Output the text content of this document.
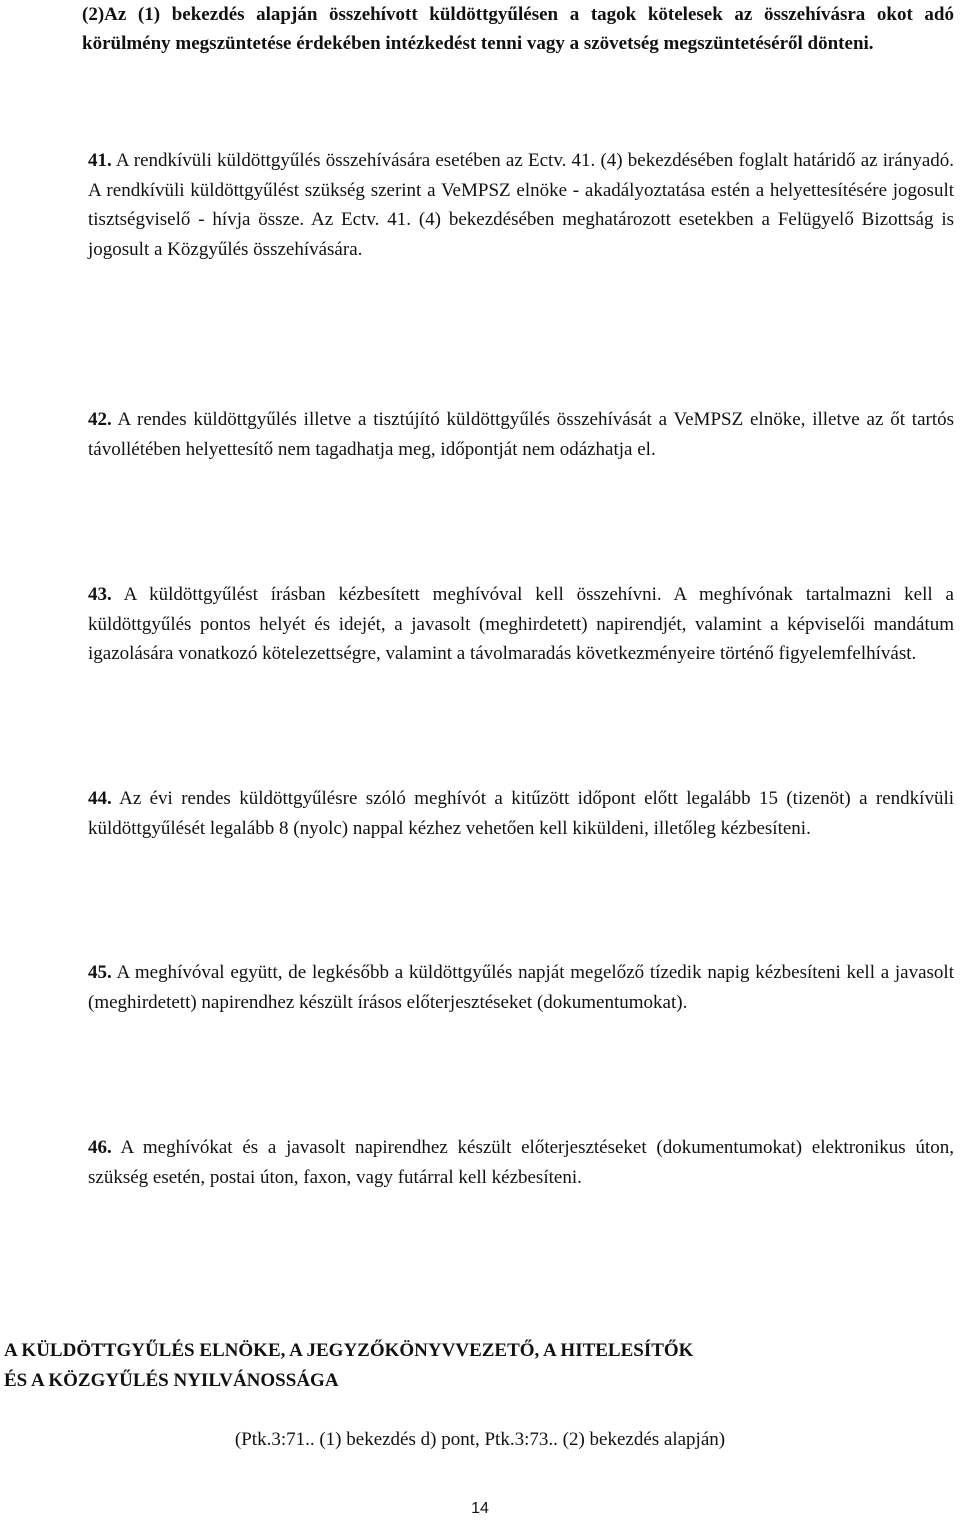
(2)Az (1) bekezdés alapján összehívott küldöttgyűlésen a tagok kötelesek az összehívásra okot adó körülmény megszüntetése érdekében intézkedést tenni vagy a szövetség megszüntetéséről dönteni.

41. A rendkívüli küldöttgyűlés összehívására esetében az Ectv. 41. (4) bekezdésében foglalt határidő az irányadó. A rendkívüli küldöttgyűlést szükség szerint a VeMPSZ elnöke - akadályoztatása estén a helyettesítésére jogosult tisztségviselő - hívja össze. Az Ectv. 41. (4) bekezdésében meghatározott esetekben a Felügyelő Bizottság is jogosult a Közgyűlés összehívására.
42. A rendes küldöttgyűlés illetve a tisztújító küldöttgyűlés összehívását a VeMPSZ elnöke, illetve az őt tartós távollétében helyettesítő nem tagadhatja meg, időpontját nem odázhatja el.
43. A küldöttgyűlést írásban kézbesített meghívóval kell összehívni. A meghívónak tartalmazni kell a küldöttgyűlés pontos helyét és idejét, a javasolt (meghirdetett) napirendjét, valamint a képviselői mandátum igazolására vonatkozó kötelezettségre, valamint a távolmaradás következményeire történő figyelemfelhívást.
44. Az évi rendes küldöttgyűlésre szóló meghívót a kitűzött időpont előtt legalább 15 (tizenöt) a rendkívüli küldöttgyűlését legalább 8 (nyolc) nappal kézhez vehetően kell kiküldeni, illetőleg kézbesíteni.
45. A meghívóval együtt, de legkésőbb a küldöttgyűlés napját megelőző tízedik napig kézbesíteni kell a javasolt (meghirdetett) napirendhez készült írásos előterjesztéseket (dokumentumokat).
46. A meghívókat és a javasolt napirendhez készült előterjesztéseket (dokumentumokat) elektronikus úton, szükség esetén, postai úton, faxon, vagy futárral kell kézbesíteni.
A KÜLDÖTTGYŰLÉS ELNÖKE, A JEGYZŐKÖNYVVEZETŐ, A HITELESÍTŐK
ÉS A KÖZGYŰLÉS NYILVÁNOSSÁGA
(Ptk.3:71.. (1) bekezdés d) pont, Ptk.3:73.. (2) bekezdés alapján)
14
